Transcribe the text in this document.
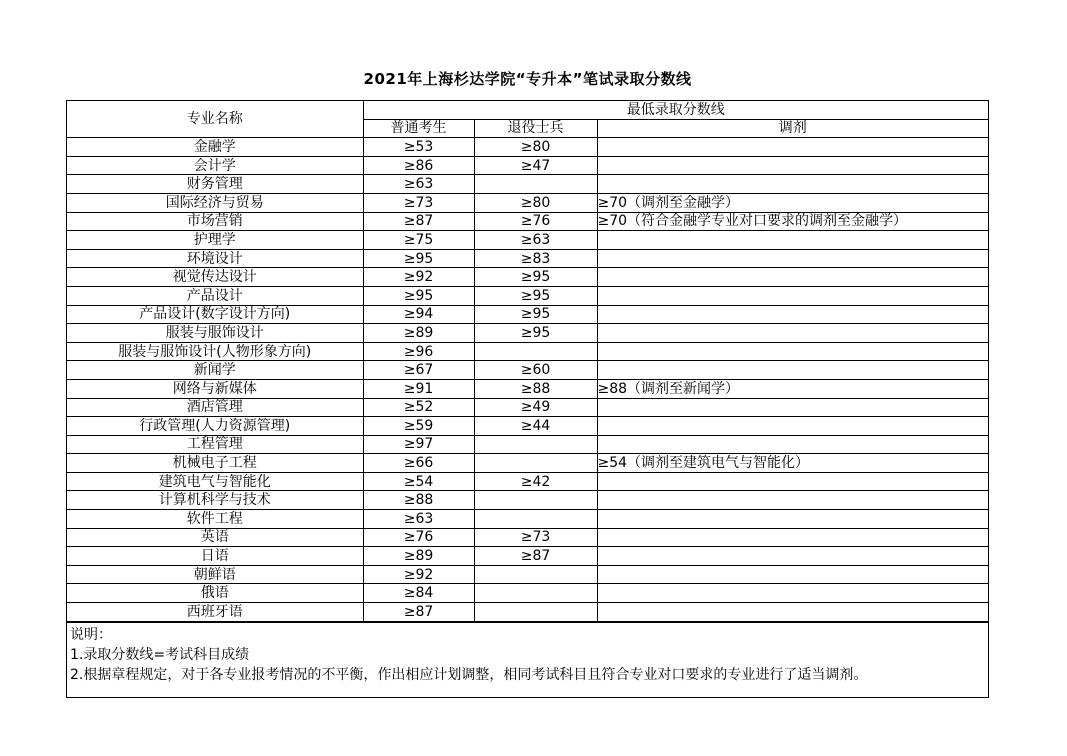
2021年上海杉达学院“专升本”笔试录取分数线
专业名称	最低录取分数线		
	普通考生	退役士兵	调剂
金融学	≥53	≥80	
会计学	≥86	≥47	
财务管理	≥63		
国际经济与贸易	≥73	≥80	≥70（调剂至金融学）
市场营销	≥87	≥76	≥70（符合金融学专业对口要求的调剂至金融学）
护理学	≥75	≥63	
环境设计	≥95	≥83	
视觉传达设计	≥92	≥95	
产品设计	≥95	≥95	
产品设计(数字设计方向)	≥94	≥95	
服装与服饰设计	≥89	≥95	
服装与服饰设计(人物形象方向)	≥96		
新闻学	≥67	≥60	
网络与新媒体	≥91	≥88	≥88（调剂至新闻学）
酒店管理	≥52	≥49	
行政管理(人力资源管理)	≥59	≥44	
工程管理	≥97		
机械电子工程	≥66		≥54（调剂至建筑电气与智能化）
建筑电气与智能化	≥54	≥42	
计算机科学与技术	≥88		
软件工程	≥63		
英语	≥76	≥73	
日语	≥89	≥87	
朝鲜语	≥92		
俄语	≥84		
西班牙语	≥87		
说明：
1.录取分数线=考试科目成绩
2.根据章程规定，对于各专业报考情况的不平衡，作出相应计划调整，相同考试科目且符合专业对口要求的专业进行了适当调剂。
